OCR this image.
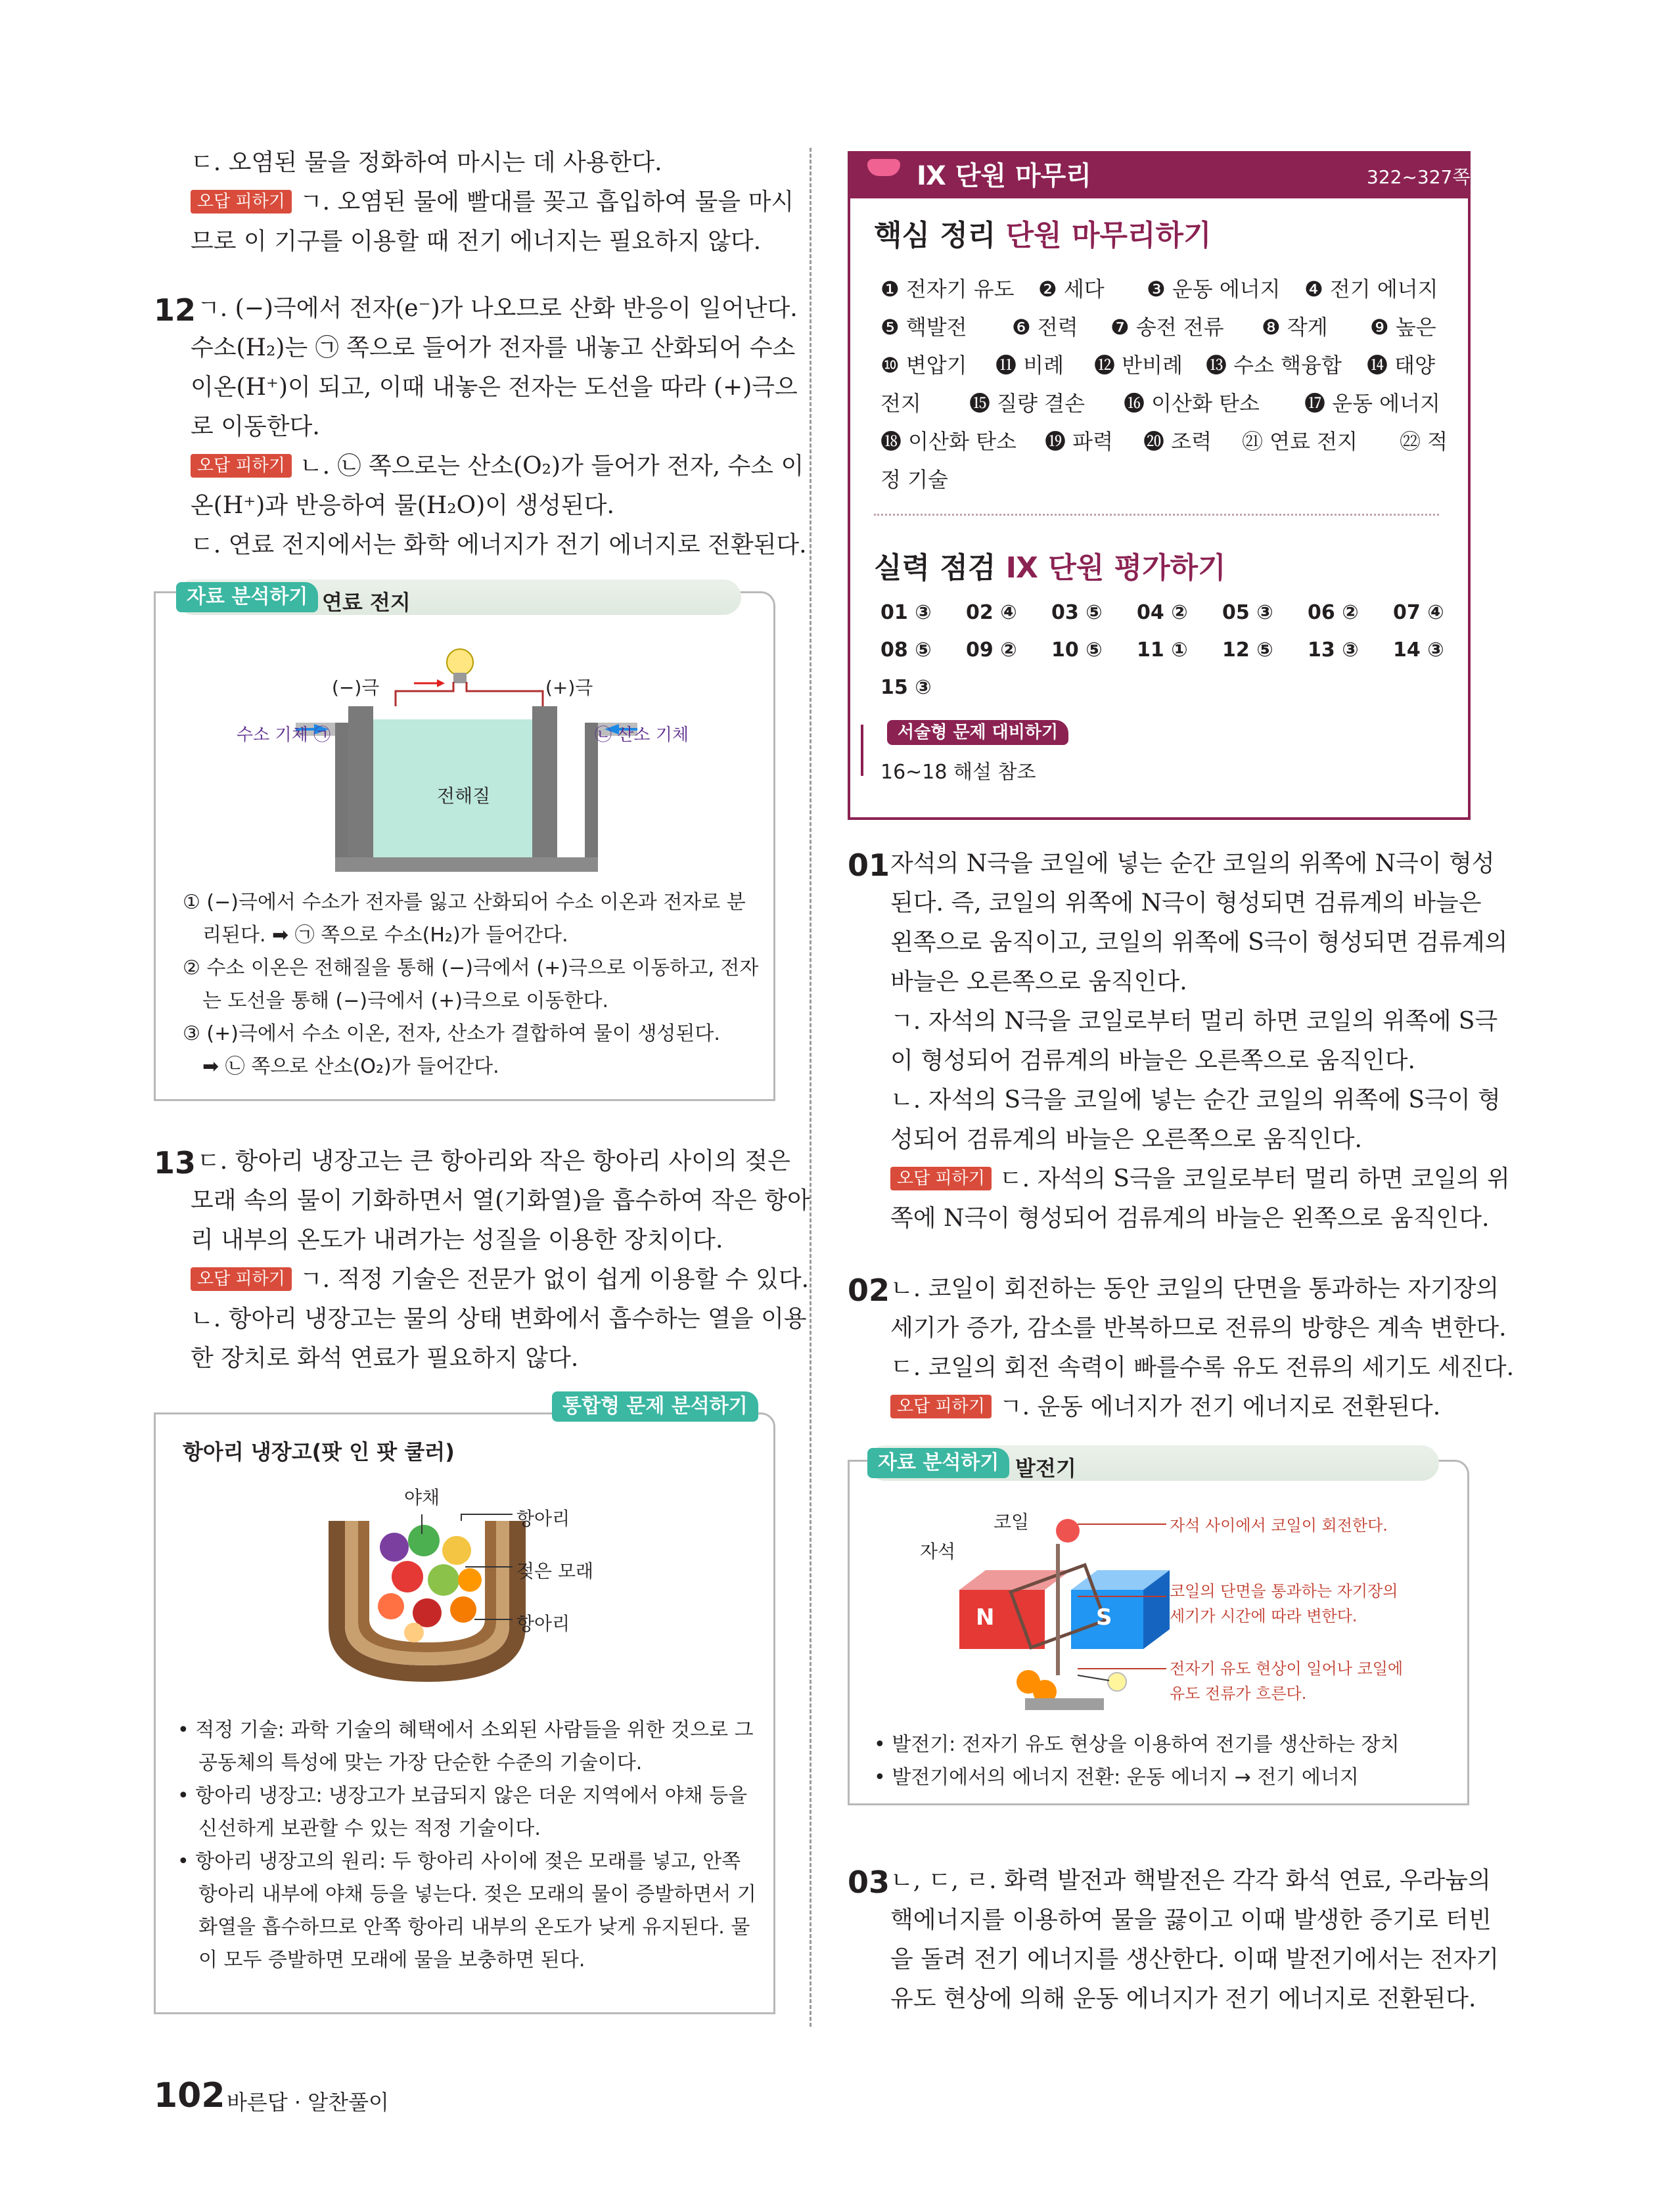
ㄷ. 오염된 물을 정화하여 마시는 데 사용한다.
오답 피하기 ㄱ. 오염된 물에 빨대를 꽂고 흡입하여 물을 마시
므로 이 기구를 이용할 때 전기 에너지는 필요하지 않다.
12 ㄱ. (−)극에서 전자(e⁻)가 나오므로 산화 반응이 일어난다.
수소(H₂)는 ㉠ 쪽으로 들어가 전자를 내놓고 산화되어 수소
이온(H⁺)이 되고, 이때 내놓은 전자는 도선을 따라 (+)극으
로 이동한다.
오답 피하기 ㄴ. ㉡ 쪽으로는 산소(O₂)가 들어가 전자, 수소 이
온(H⁺)과 반응하여 물(H₂O)이 생성된다.
ㄷ. 연료 전지에서는 화학 에너지가 전기 에너지로 전환된다.
자료 분석하기 연료 전지
(−)극	(+)극
수소 기체 ㉠	㉡ 산소 기체
전해질
① (−)극에서 수소가 전자를 잃고 산화되어 수소 이온과 전자로 분
리된다. ➡ ㉠ 쪽으로 수소(H₂)가 들어간다.
② 수소 이온은 전해질을 통해 (−)극에서 (+)극으로 이동하고, 전자
는 도선을 통해 (−)극에서 (+)극으로 이동한다.
③ (+)극에서 수소 이온, 전자, 산소가 결합하여 물이 생성된다.
➡ ㉡ 쪽으로 산소(O₂)가 들어간다.
13 ㄷ. 항아리 냉장고는 큰 항아리와 작은 항아리 사이의 젖은
모래 속의 물이 기화하면서 열(기화열)을 흡수하여 작은 항아
리 내부의 온도가 내려가는 성질을 이용한 장치이다.
오답 피하기 ㄱ. 적정 기술은 전문가 없이 쉽게 이용할 수 있다.
ㄴ. 항아리 냉장고는 물의 상태 변화에서 흡수하는 열을 이용
한 장치로 화석 연료가 필요하지 않다.
통합형 문제 분석하기
항아리 냉장고(팟 인 팟 쿨러)
야채
항아리
젖은 모래
항아리
• 적정 기술: 과학 기술의 혜택에서 소외된 사람들을 위한 것으로 그
공동체의 특성에 맞는 가장 단순한 수준의 기술이다.
• 항아리 냉장고: 냉장고가 보급되지 않은 더운 지역에서 야채 등을
신선하게 보관할 수 있는 적정 기술이다.
• 항아리 냉장고의 원리: 두 항아리 사이에 젖은 모래를 넣고, 안쪽
항아리 내부에 야채 등을 넣는다. 젖은 모래의 물이 증발하면서 기
화열을 흡수하므로 안쪽 항아리 내부의 온도가 낮게 유지된다. 물
이 모두 증발하면 모래에 물을 보충하면 된다.
Ⅸ 단원 마무리	322~327쪽
핵심 정리 단원 마무리하기
❶ 전자기 유도 ❷ 세다 ❸ 운동 에너지 ❹ 전기 에너지
❺ 핵발전 ❻ 전력 ❼ 송전 전류 ❽ 작게 ❾ 높은
❿ 변압기 ⓫ 비례 ⓬ 반비례 ⓭ 수소 핵융합 ⓮ 태양
전지 ⓯ 질량 결손 ⓰ 이산화 탄소 ⓱ 운동 에너지
⓲ 이산화 탄소 ⓳ 파력 ⓴ 조력 ㉑ 연료 전지 ㉒ 적
정 기술
실력 점검 Ⅸ 단원 평가하기
01 ③ 02 ④ 03 ⑤ 04 ② 05 ③ 06 ② 07 ④
08 ⑤ 09 ② 10 ⑤ 11 ① 12 ⑤ 13 ③ 14 ③
15 ③
서술형 문제 대비하기
16~18 해설 참조
01 자석의 N극을 코일에 넣는 순간 코일의 위쪽에 N극이 형성
된다. 즉, 코일의 위쪽에 N극이 형성되면 검류계의 바늘은
왼쪽으로 움직이고, 코일의 위쪽에 S극이 형성되면 검류계의
바늘은 오른쪽으로 움직인다.
ㄱ. 자석의 N극을 코일로부터 멀리 하면 코일의 위쪽에 S극
이 형성되어 검류계의 바늘은 오른쪽으로 움직인다.
ㄴ. 자석의 S극을 코일에 넣는 순간 코일의 위쪽에 S극이 형
성되어 검류계의 바늘은 오른쪽으로 움직인다.
오답 피하기 ㄷ. 자석의 S극을 코일로부터 멀리 하면 코일의 위
쪽에 N극이 형성되어 검류계의 바늘은 왼쪽으로 움직인다.
02 ㄴ. 코일이 회전하는 동안 코일의 단면을 통과하는 자기장의
세기가 증가, 감소를 반복하므로 전류의 방향은 계속 변한다.
ㄷ. 코일의 회전 속력이 빠를수록 유도 전류의 세기도 세진다.
오답 피하기 ㄱ. 운동 에너지가 전기 에너지로 전환된다.
자료 분석하기 발전기
코일
자석
N	S
자석 사이에서 코일이 회전한다.
코일의 단면을 통과하는 자기장의
세기가 시간에 따라 변한다.
전자기 유도 현상이 일어나 코일에
유도 전류가 흐른다.
• 발전기: 전자기 유도 현상을 이용하여 전기를 생산하는 장치
• 발전기에서의 에너지 전환: 운동 에너지 → 전기 에너지
03 ㄴ, ㄷ, ㄹ. 화력 발전과 핵발전은 각각 화석 연료, 우라늄의
핵에너지를 이용하여 물을 끓이고 이때 발생한 증기로 터빈
을 돌려 전기 에너지를 생산한다. 이때 발전기에서는 전자기
유도 현상에 의해 운동 에너지가 전기 에너지로 전환된다.
102 바른답 · 알찬풀이
